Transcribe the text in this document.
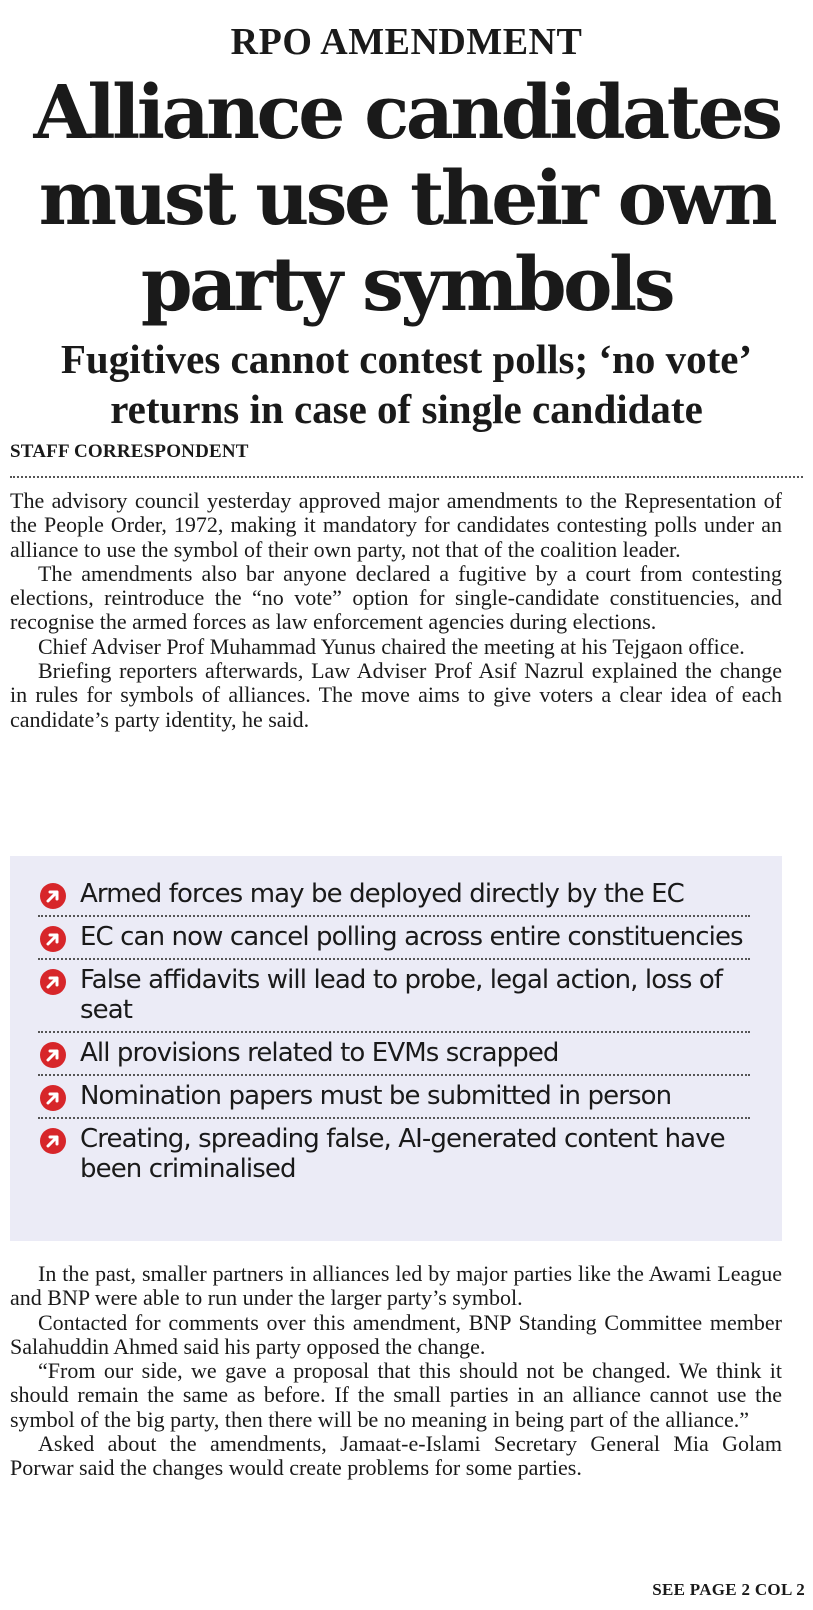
RPO AMENDMENT
Alliance candidates
must use their own
party symbols
Fugitives cannot contest polls; ‘no vote’
returns in case of single candidate
STAFF CORRESPONDENT

The advisory council yesterday approved major amendments to the Representation of the People Order, 1972, making it mandatory for candidates contesting polls under an alliance to use the symbol of their own party, not that of the coalition leader.

The amendments also bar anyone declared a fugitive by a court from contesting elections, reintroduce the “no vote” option for single-candidate constituencies, and recognise the armed forces as law enforcement agencies during elections.

Chief Adviser Prof Muhammad Yunus chaired the meeting at his Tejgaon office.

Briefing reporters afterwards, Law Adviser Prof Asif Nazrul explained the change in rules for symbols of alliances. The move aims to give voters a clear idea of each candidate’s party identity, he said.

Armed forces may be deployed directly by the EC
EC can now cancel polling across entire constituencies
False affidavits will lead to probe, legal action, loss of seat
All provisions related to EVMs scrapped
Nomination papers must be submitted in person
Creating, spreading false, AI-generated content have been criminalised

In the past, smaller partners in alliances led by major parties like the Awami League and BNP were able to run under the larger party’s symbol.

Contacted for comments over this amendment, BNP Standing Committee member Salahuddin Ahmed said his party opposed the change.

“From our side, we gave a proposal that this should not be changed. We think it should remain the same as before. If the small parties in an alliance cannot use the symbol of the big party, then there will be no meaning in being part of the alliance.”

Asked about the amendments, Jamaat-e-Islami Secretary General Mia Golam Porwar said the changes would create problems for some parties.

SEE PAGE 2 COL 2
